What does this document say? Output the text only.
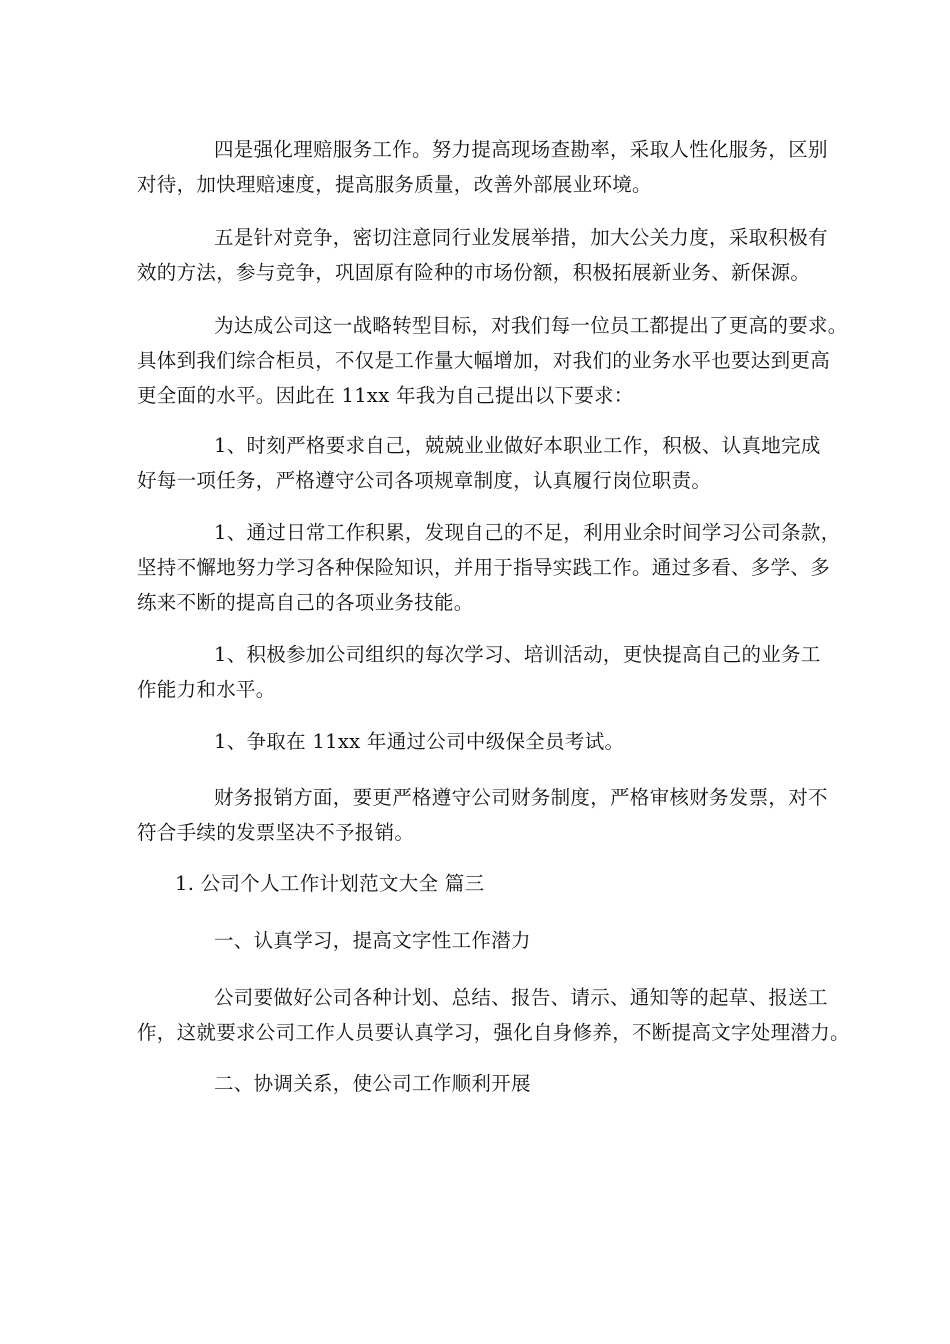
四是强化理赔服务工作。努力提高现场查勘率，采取人性化服务，区别
对待，加快理赔速度，提高服务质量，改善外部展业环境。

五是针对竞争，密切注意同行业发展举措，加大公关力度，采取积极有
效的方法，参与竞争，巩固原有险种的市场份额，积极拓展新业务、新保源。

为达成公司这一战略转型目标，对我们每一位员工都提出了更高的要求。
具体到我们综合柜员，不仅是工作量大幅增加，对我们的业务水平也要达到更高
更全面的水平。因此在 11xx 年我为自己提出以下要求：

1、时刻严格要求自己，兢兢业业做好本职业工作，积极、认真地完成
好每一项任务，严格遵守公司各项规章制度，认真履行岗位职责。

1、通过日常工作积累，发现自己的不足，利用业余时间学习公司条款，
坚持不懈地努力学习各种保险知识，并用于指导实践工作。通过多看、多学、多
练来不断的提高自己的各项业务技能。

1、积极参加公司组织的每次学习、培训活动，更快提高自己的业务工
作能力和水平。

1、争取在 11xx 年通过公司中级保全员考试。

财务报销方面，要更严格遵守公司财务制度，严格审核财务发票，对不
符合手续的发票坚决不予报销。

1. 公司个人工作计划范文大全 篇三

一、认真学习，提高文字性工作潜力

公司要做好公司各种计划、总结、报告、请示、通知等的起草、报送工
作，这就要求公司工作人员要认真学习，强化自身修养，不断提高文字处理潜力。

二、协调关系，使公司工作顺利开展
